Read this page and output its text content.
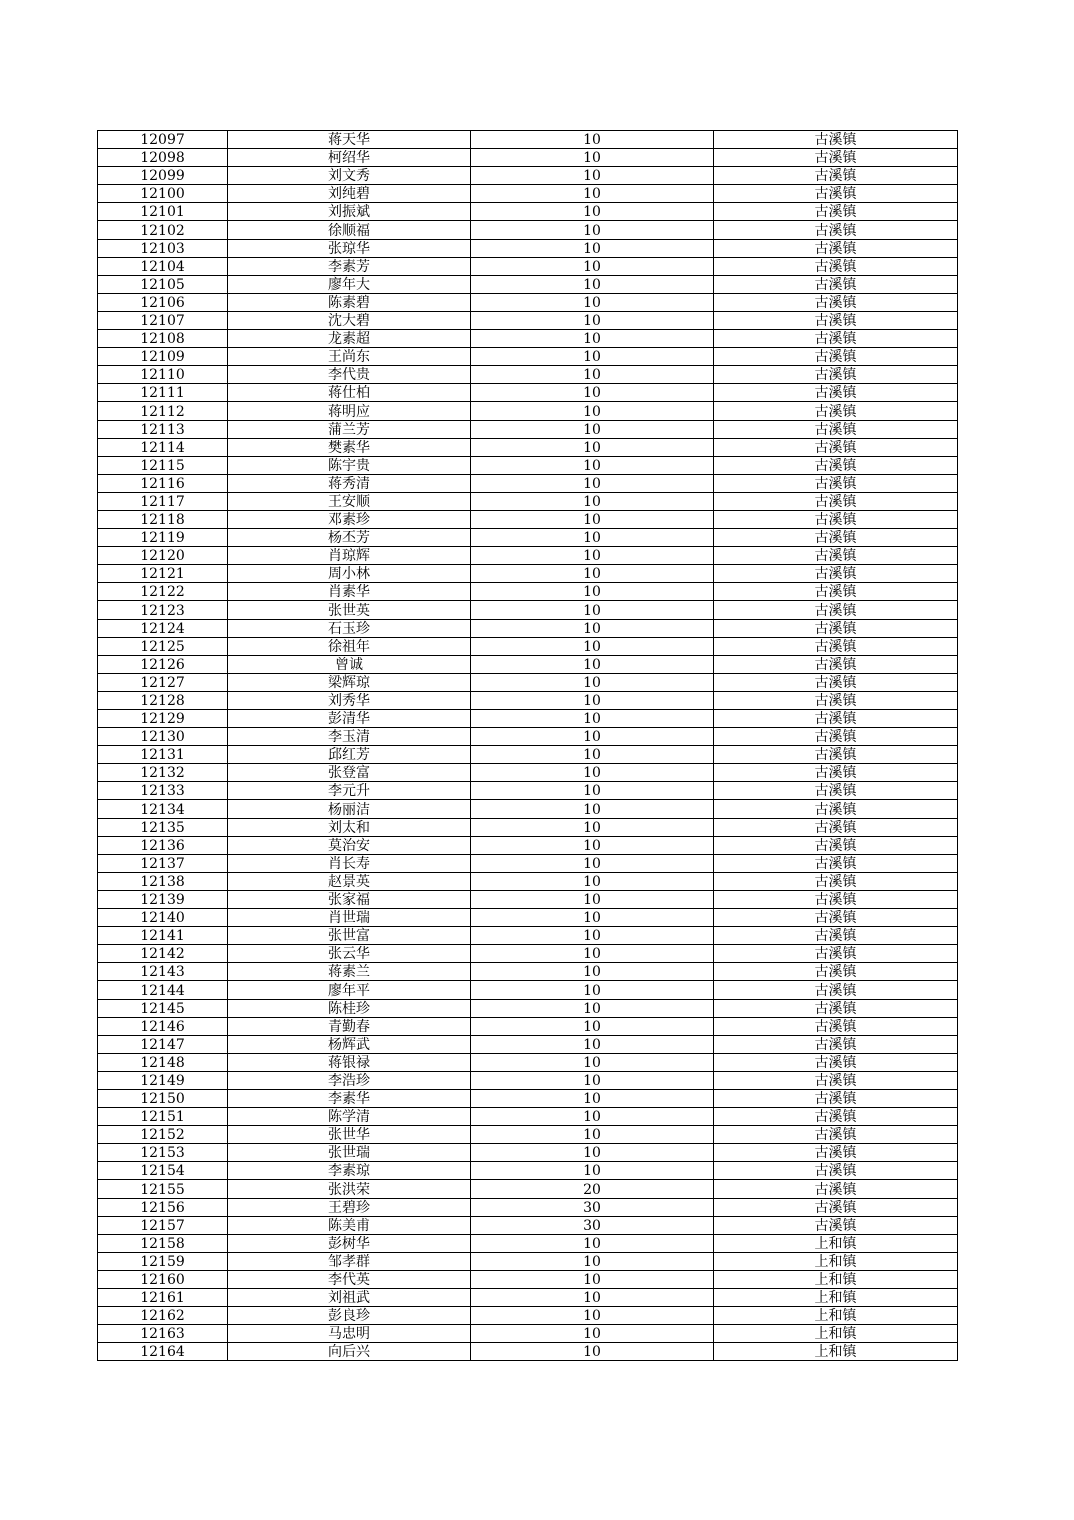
12097	蒋天华	10	古溪镇
12098	柯绍华	10	古溪镇
12099	刘文秀	10	古溪镇
12100	刘纯碧	10	古溪镇
12101	刘振斌	10	古溪镇
12102	徐顺福	10	古溪镇
12103	张琼华	10	古溪镇
12104	李素芳	10	古溪镇
12105	廖年大	10	古溪镇
12106	陈素碧	10	古溪镇
12107	沈大碧	10	古溪镇
12108	龙素超	10	古溪镇
12109	王尚东	10	古溪镇
12110	李代贵	10	古溪镇
12111	蒋仕柏	10	古溪镇
12112	蒋明应	10	古溪镇
12113	蒲兰芳	10	古溪镇
12114	樊素华	10	古溪镇
12115	陈宇贵	10	古溪镇
12116	蒋秀清	10	古溪镇
12117	王安顺	10	古溪镇
12118	邓素珍	10	古溪镇
12119	杨丕芳	10	古溪镇
12120	肖琼辉	10	古溪镇
12121	周小林	10	古溪镇
12122	肖素华	10	古溪镇
12123	张世英	10	古溪镇
12124	石玉珍	10	古溪镇
12125	徐祖年	10	古溪镇
12126	曾诚	10	古溪镇
12127	梁辉琼	10	古溪镇
12128	刘秀华	10	古溪镇
12129	彭清华	10	古溪镇
12130	李玉清	10	古溪镇
12131	邱红芳	10	古溪镇
12132	张登富	10	古溪镇
12133	李元升	10	古溪镇
12134	杨丽洁	10	古溪镇
12135	刘太和	10	古溪镇
12136	莫治安	10	古溪镇
12137	肖长寿	10	古溪镇
12138	赵景英	10	古溪镇
12139	张家福	10	古溪镇
12140	肖世瑞	10	古溪镇
12141	张世富	10	古溪镇
12142	张云华	10	古溪镇
12143	蒋素兰	10	古溪镇
12144	廖年平	10	古溪镇
12145	陈桂珍	10	古溪镇
12146	青勤春	10	古溪镇
12147	杨辉武	10	古溪镇
12148	蒋银禄	10	古溪镇
12149	李浩珍	10	古溪镇
12150	李素华	10	古溪镇
12151	陈学清	10	古溪镇
12152	张世华	10	古溪镇
12153	张世瑞	10	古溪镇
12154	李素琼	10	古溪镇
12155	张洪荣	20	古溪镇
12156	王碧珍	30	古溪镇
12157	陈美甫	30	古溪镇
12158	彭树华	10	上和镇
12159	邹孝群	10	上和镇
12160	李代英	10	上和镇
12161	刘祖武	10	上和镇
12162	彭良珍	10	上和镇
12163	马忠明	10	上和镇
12164	向后兴	10	上和镇
